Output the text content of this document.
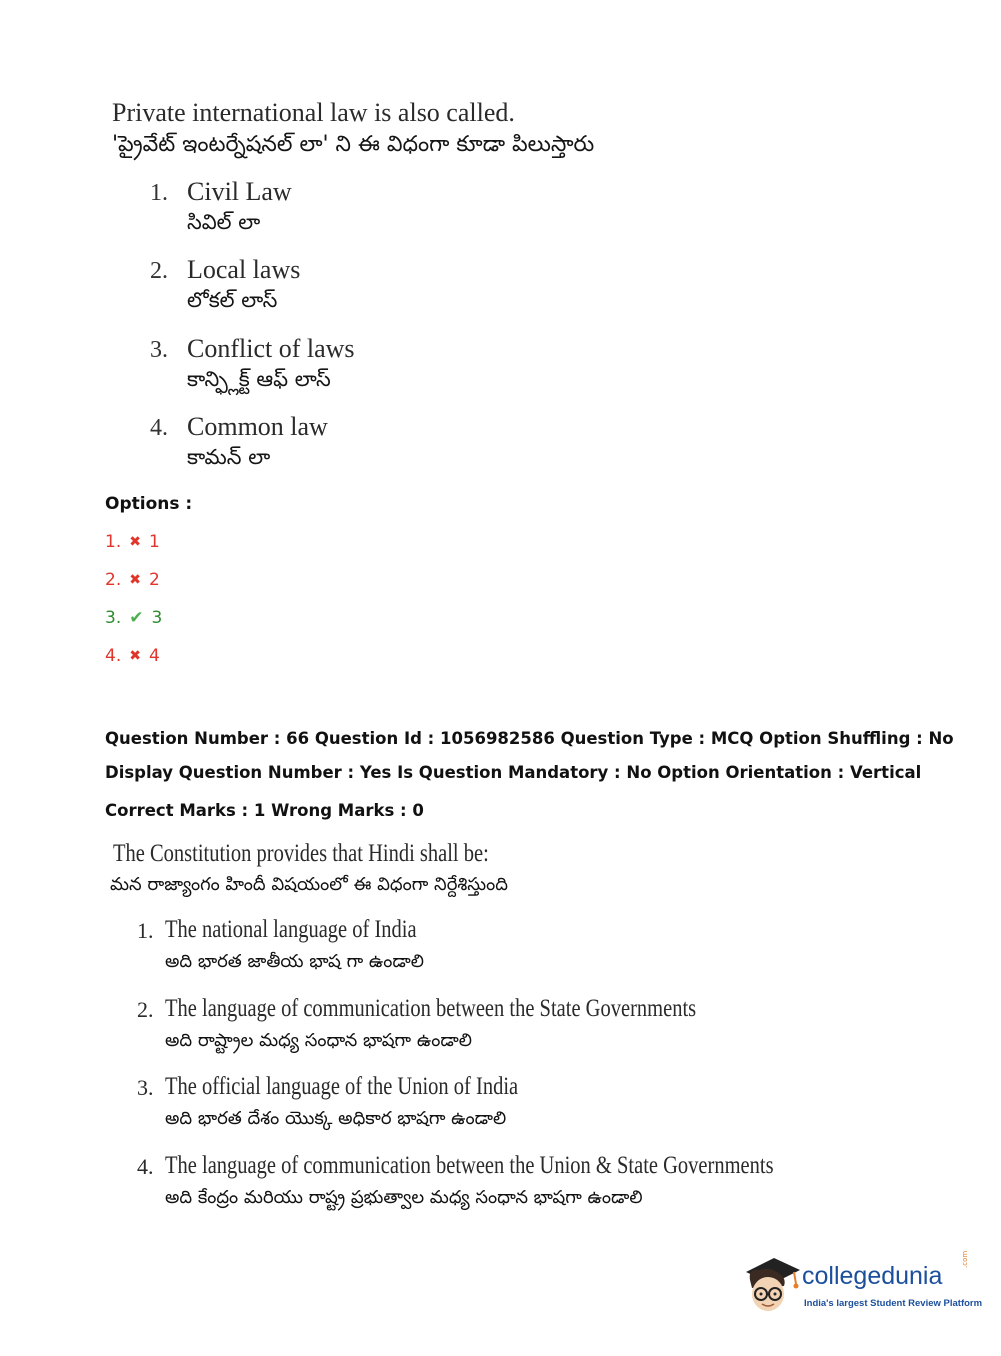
Private international law is also called.
'ప్రైవేట్ ఇంటర్నేషనల్ లా' ని ఈ విధంగా కూడా పిలుస్తారు
1. Civil Law
సివిల్ లా
2. Local laws
లోకల్ లాస్
3. Conflict of laws
కాన్ఫ్లిక్ట్ ఆఫ్ లాస్
4. Common law
కామన్ లా
Options :
1. ✖ 1
2. ✖ 2
3. ✔ 3
4. ✖ 4
Question Number : 66 Question Id : 1056982586 Question Type : MCQ Option Shuffling : No
Display Question Number : Yes Is Question Mandatory : No Option Orientation : Vertical
Correct Marks : 1 Wrong Marks : 0
The Constitution provides that Hindi shall be:
మన రాజ్యాంగం హిందీ విషయంలో ఈ విధంగా నిర్దేశిస్తుంది
1. The national language of India
అది భారత జాతీయ భాష గా ఉండాలి
2. The language of communication between the State Governments
అది రాష్ట్రాల మధ్య సంధాన భాషగా ఉండాలి
3. The official language of the Union of India
అది భారత దేశం యొక్క అధికార భాషగా ఉండాలి
4. The language of communication between the Union & State Governments
అది కేంద్రం మరియు రాష్ట్ర ప్రభుత్వాల మధ్య సంధాన భాషగా ఉండాలి
collegedunia
.com
India's largest Student Review Platform
